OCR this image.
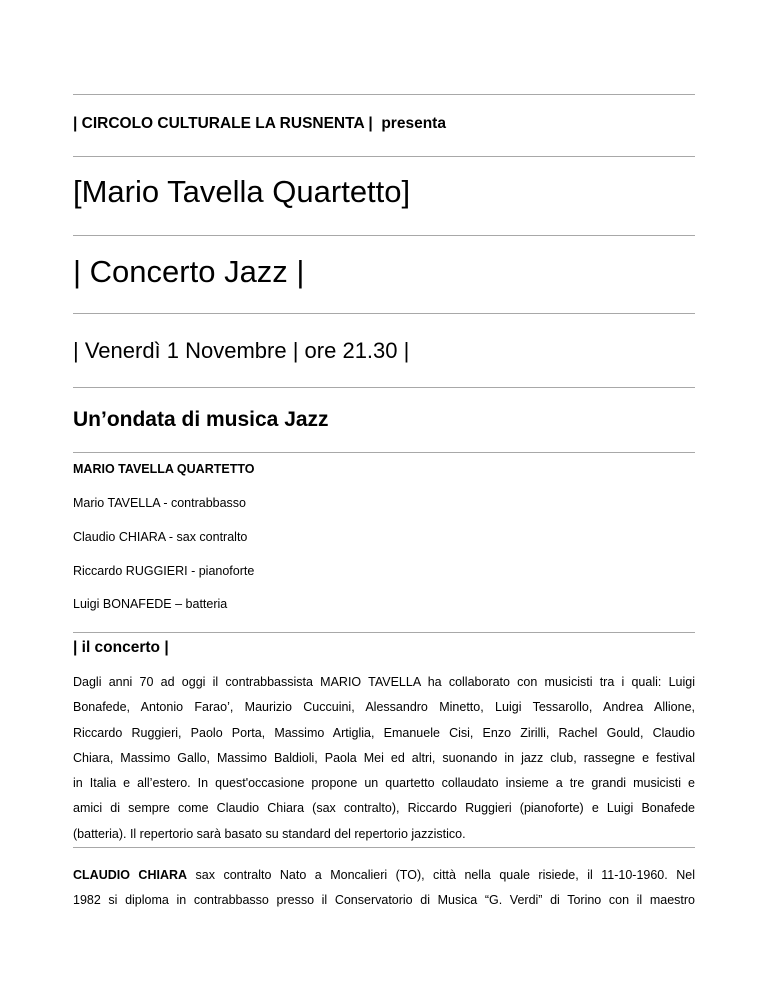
| CIRCOLO CULTURALE LA RUSNENTA | presenta
[Mario Tavella Quartetto]
| Concerto Jazz |
| Venerdì 1 Novembre | ore 21.30 |
Un’ondata di musica Jazz
MARIO TAVELLA QUARTETTO
Mario TAVELLA - contrabbasso
Claudio CHIARA - sax contralto
Riccardo RUGGIERI - pianoforte
Luigi BONAFEDE – batteria
| il concerto |
Dagli anni 70 ad oggi il contrabbassista MARIO TAVELLA ha collaborato con musicisti tra i quali: Luigi
Bonafede, Antonio Farao’, Maurizio Cuccuini, Alessandro Minetto, Luigi Tessarollo, Andrea Allione,
Riccardo Ruggieri, Paolo Porta, Massimo Artiglia, Emanuele Cisi, Enzo Zirilli, Rachel Gould, Claudio
Chiara, Massimo Gallo, Massimo Baldioli, Paola Mei ed altri, suonando in jazz club, rassegne e festival
in Italia e all’estero. In quest'occasione propone un quartetto collaudato insieme a tre grandi musicisti e
amici di sempre come Claudio Chiara (sax contralto), Riccardo Ruggieri (pianoforte) e Luigi Bonafede
(batteria). Il repertorio sarà basato su standard del repertorio jazzistico.
CLAUDIO CHIARA sax contralto Nato a Moncalieri (TO), città nella quale risiede, il 11-10-1960. Nel
1982 si diploma in contrabbasso presso il Conservatorio di Musica “G. Verdi” di Torino con il maestro
